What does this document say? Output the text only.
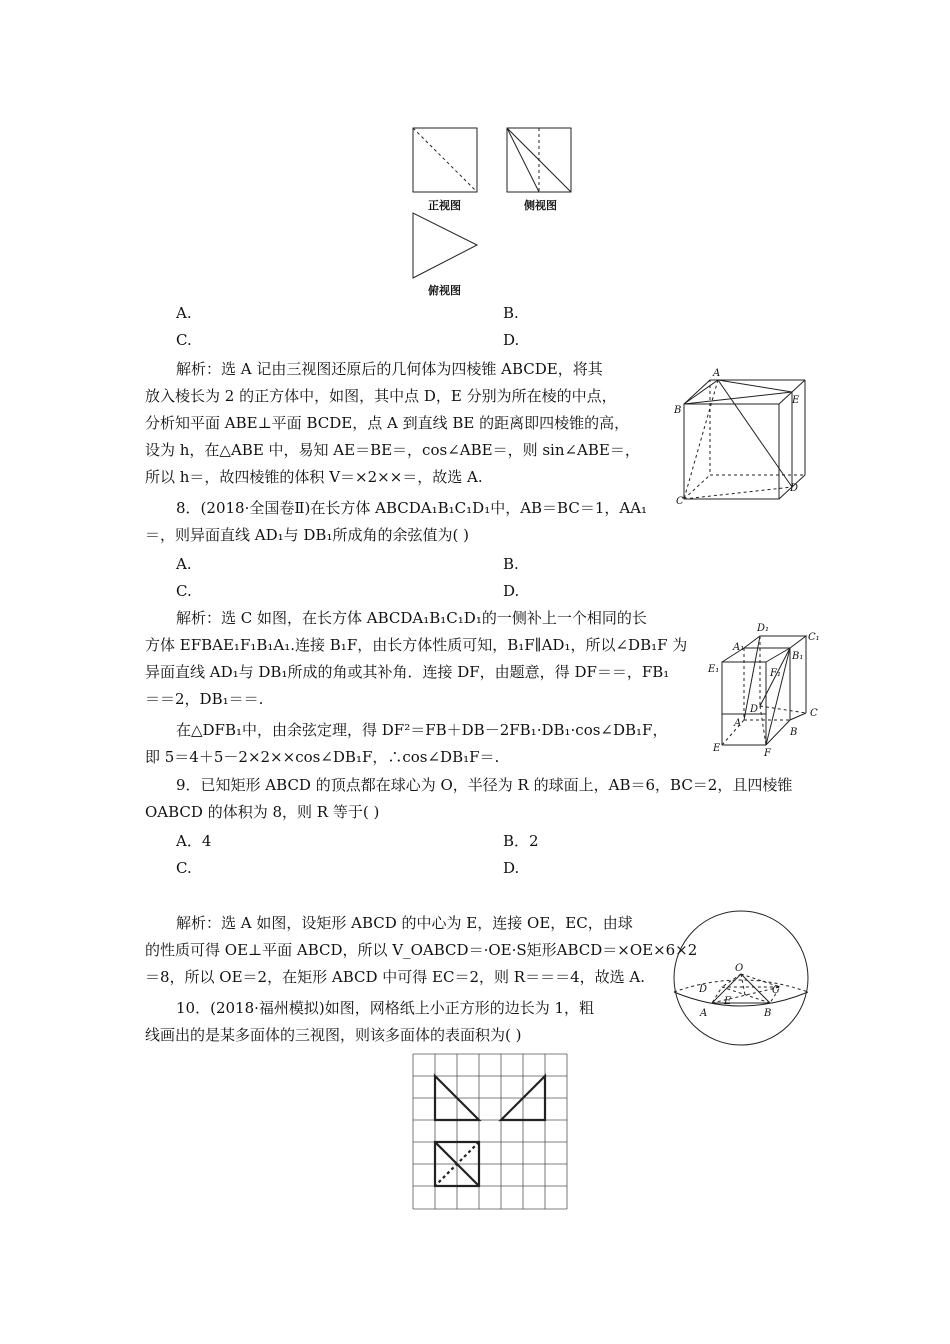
正视图	侧视图
俯视图
A.	B.
C.	D.
解析：选 A 记由三视图还原后的几何体为四棱锥 ABCDE，将其
放入棱长为 2 的正方体中，如图，其中点 D，E 分别为所在棱的中点，
分析知平面 ABE⊥平面 BCDE，点 A 到直线 BE 的距离即四棱锥的高，
设为 h，在△ABE 中，易知 AE＝BE＝，cos∠ABE＝，则 sin∠ABE＝，
所以 h＝，故四棱锥的体积 V＝×2××＝，故选 A.
A
B
E
C
D
8．(2018·全国卷Ⅱ)在长方体 ABCDA₁B₁C₁D₁中，AB＝BC＝1，AA₁
＝，则异面直线 AD₁与 DB₁所成角的余弦值为( )
A.	B.
C.	D.
解析：选 C 如图，在长方体 ABCDA₁B₁C₁D₁的一侧补上一个相同的长
方体 EFBAE₁F₁B₁A₁.连接 B₁F，由长方体性质可知，B₁F∥AD₁，所以∠DB₁F 为
异面直线 AD₁与 DB₁所成的角或其补角．连接 DF，由题意，得 DF＝＝，FB₁
＝＝2，DB₁＝＝.
在△DFB₁中，由余弦定理，得 DF²＝FB＋DB－2FB₁·DB₁·cos∠DB₁F，
即 5＝4＋5－2×2××cos∠DB₁F，∴cos∠DB₁F＝.
D₁
C₁
A₁
B₁
E₁	F₁
D	C
A
B
E	F
9．已知矩形 ABCD 的顶点都在球心为 O，半径为 R 的球面上，AB＝6，BC＝2，且四棱锥
OABCD 的体积为 8，则 R 等于( )
A．4	B．2
C.	D.
解析：选 A 如图，设矩形 ABCD 的中心为 E，连接 OE，EC，由球
的性质可得 OE⊥平面 ABCD，所以 V_OABCD＝·OE·S矩形ABCD＝×OE×6×2
＝8，所以 OE＝2，在矩形 ABCD 中可得 EC＝2，则 R＝＝＝4，故选 A.	O
D	C
E
A	B
10．(2018·福州模拟)如图，网格纸上小正方形的边长为 1，粗
线画出的是某多面体的三视图，则该多面体的表面积为( )
